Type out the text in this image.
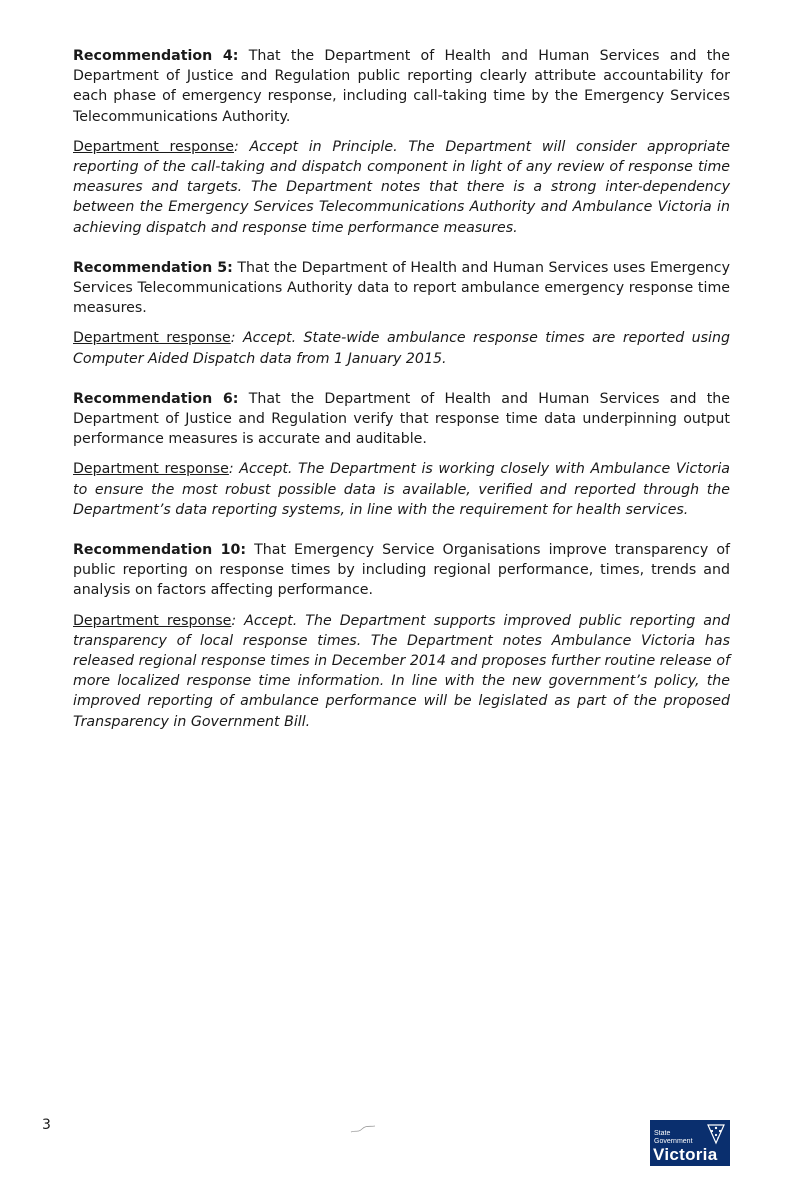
Recommendation 4: That the Department of Health and Human Services and the Department of Justice and Regulation public reporting clearly attribute accountability for each phase of emergency response, including call-taking time by the Emergency Services Telecommunications Authority.

Department response: Accept in Principle. The Department will consider appropriate reporting of the call-taking and dispatch component in light of any review of response time measures and targets. The Department notes that there is a strong inter-dependency between the Emergency Services Telecommunications Authority and Ambulance Victoria in achieving dispatch and response time performance measures.

Recommendation 5: That the Department of Health and Human Services uses Emergency Services Telecommunications Authority data to report ambulance emergency response time measures.

Department response: Accept. State-wide ambulance response times are reported using Computer Aided Dispatch data from 1 January 2015.

Recommendation 6: That the Department of Health and Human Services and the Department of Justice and Regulation verify that response time data underpinning output performance measures is accurate and auditable.

Department response: Accept. The Department is working closely with Ambulance Victoria to ensure the most robust possible data is available, verified and reported through the Department’s data reporting systems, in line with the requirement for health services.

Recommendation 10: That Emergency Service Organisations improve transparency of public reporting on response times by including regional performance, times, trends and analysis on factors affecting performance.

Department response: Accept. The Department supports improved public reporting and transparency of local response times. The Department notes Ambulance Victoria has released regional response times in December 2014 and proposes further routine release of more localized response time information. In line with the new government’s policy, the improved reporting of ambulance performance will be legislated as part of the proposed Transparency in Government Bill.

3
State
Government
Victoria
